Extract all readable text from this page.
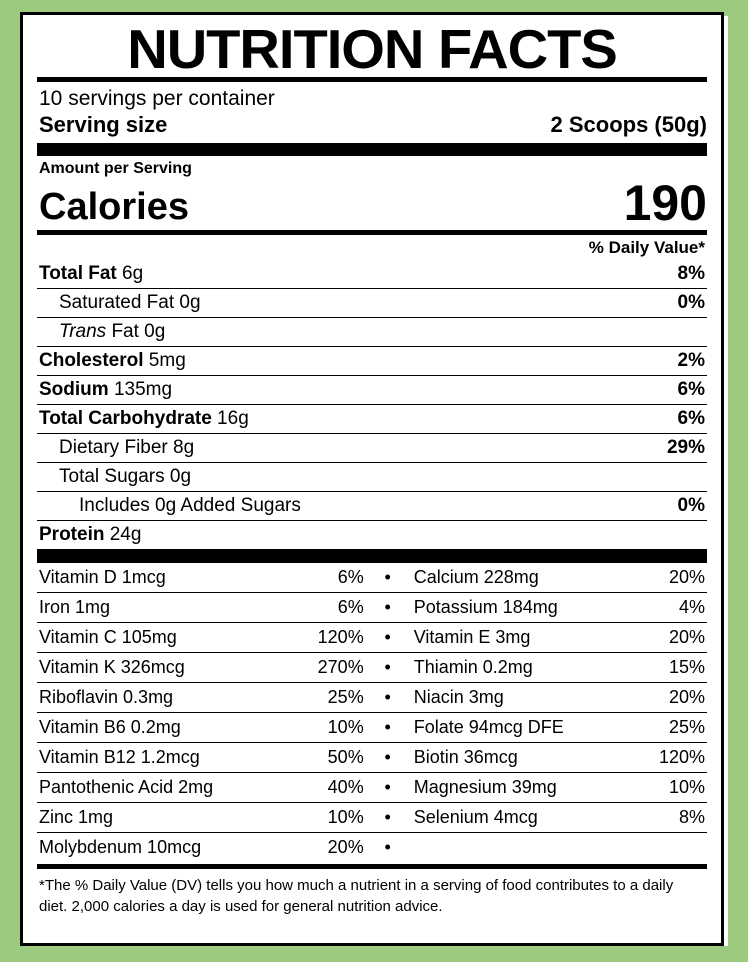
NUTRITION FACTS
10 servings per container
Serving size	2 Scoops (50g)
Amount per Serving
Calories	190
% Daily Value*
Total Fat 6g	8%
Saturated Fat 0g	0%
Trans Fat 0g
Cholesterol 5mg	2%
Sodium 135mg	6%
Total Carbohydrate 16g	6%
Dietary Fiber 8g	29%
Total Sugars 0g
Includes 0g Added Sugars	0%
Protein 24g
Vitamin D 1mcg	6%	•	Calcium 228mg	20%
Iron 1mg	6%	•	Potassium 184mg	4%
Vitamin C 105mg	120%	•	Vitamin E 3mg	20%
Vitamin K 326mcg	270%	•	Thiamin 0.2mg	15%
Riboflavin 0.3mg	25%	•	Niacin 3mg	20%
Vitamin B6 0.2mg	10%	•	Folate 94mcg DFE	25%
Vitamin B12 1.2mcg	50%	•	Biotin 36mcg	120%
Pantothenic Acid 2mg	40%	•	Magnesium 39mg	10%
Zinc 1mg	10%	•	Selenium 4mcg	8%
Molybdenum 10mcg	20%	•		
*The % Daily Value (DV) tells you how much a nutrient in a serving of food contributes to a daily diet. 2,000 calories a day is used for general nutrition advice.
